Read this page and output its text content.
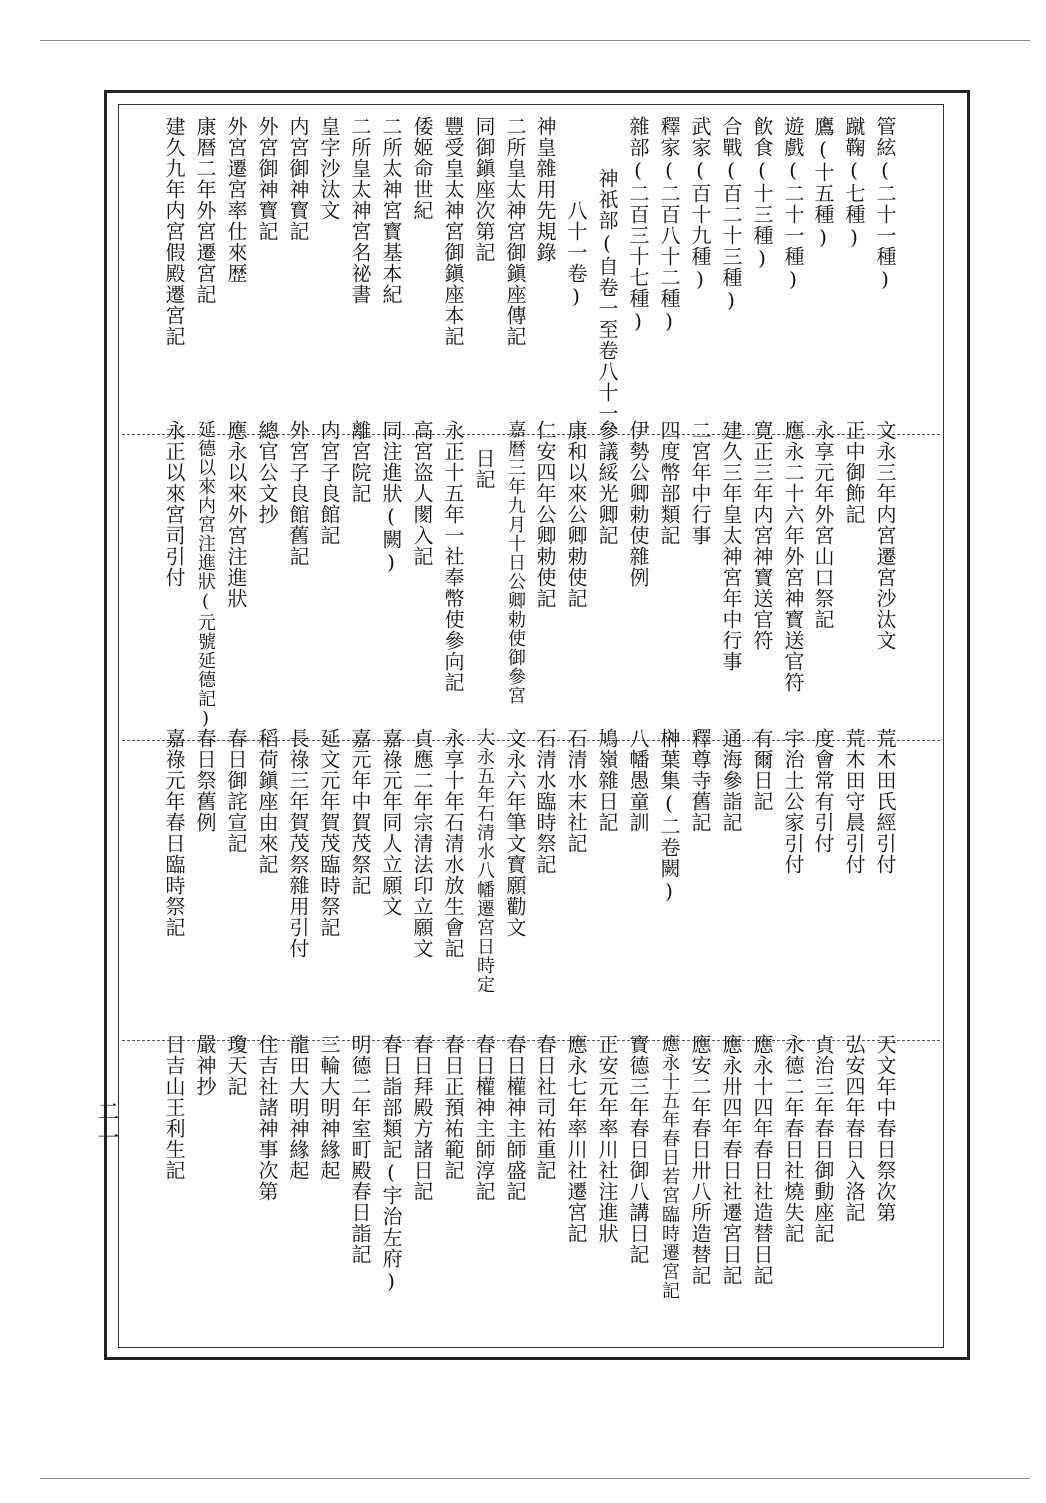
管絃(二十一種)
蹴鞠(七種)
鷹(十五種)
遊戲(二十一種)
飮食(十三種)
合戰(百二十三種)
武家(百十九種)
釋家(二百八十二種)
雜部(二百三十七種)
神祇部(自卷一至卷八十一、
八十一卷)
神皇雜用先規錄
二所皇太神宮御鎭座傳記
同御鎭座次第記
豐受皇太神宮御鎭座本記
倭姬命世紀
二所太神宮寳基本紀
二所皇太神宮名祕書
皇字沙汰文
内宮御神寳記
外宮御神寳記
外宮遷宮率仕來歴
康暦二年外宮遷宮記
建久九年内宮假殿遷宮記
文永三年内宮遷宮沙汰文
正中御飾記
永享元年外宮山口祭記
應永二十六年外宮神寳送官符
寛正三年内宮神寳送官符
建久三年皇太神宮年中行事
二宮年中行事
四度幣部類記
伊勢公卿勅使雜例
參議綏光卿記
康和以來公卿勅使記
仁安四年公卿勅使記
嘉暦三年九月十日公卿勅使御參宮
日記
永正十五年一社奉幣使參向記
高宮盗人閡入記
同注進狀(闕)
離宮院記
内宮子良館記
外宮子良館舊記
總官公文抄
應永以來外宮注進狀
延德以來内宮注進狀(元號延德記)
永正以來宮司引付
荒木田氏經引付
荒木田守晨引付
度會常有引付
宇治土公家引付
有爾日記
通海參詣記
釋尊寺舊記
榊葉集(二卷闕)
八幡愚童訓
鳩嶺雜日記
石清水末社記
石清水臨時祭記
文永六年筆文寳願勸文
大永五年石清水八幡遷宮日時定
永享十年石清水放生會記
貞應二年宗清法印立願文
嘉祿元年同人立願文
嘉元年中賀茂祭記
延文元年賀茂臨時祭記
長祿三年賀茂祭雜用引付
稻荷鎭座由來記
春日御詫宣記
春日祭舊例
嘉祿元年春日臨時祭記
天文年中春日祭次第
弘安四年春日入洛記
貞治三年春日御動座記
永德二年春日社燒失記
應永十四年春日社造替日記
應永卅四年春日社遷宮日記
應安二年春日卅八所造替記
應永十五年春日若宮臨時遷宮記
寳德三年春日御八講日記
正安元年率川社注進狀
應永七年率川社遷宮記
春日社司祐重記
春日權神主師盛記
春日權神主師淳記
春日正預祐範記
春日拜殿方諸日記
春日詣部類記(宇治左府)
明德二年室町殿春日詣記
三輪大明神緣起
龍田大明神緣起
住吉社諸神事次第
瓊天記
嚴神抄
日吉山王利生記
二一
